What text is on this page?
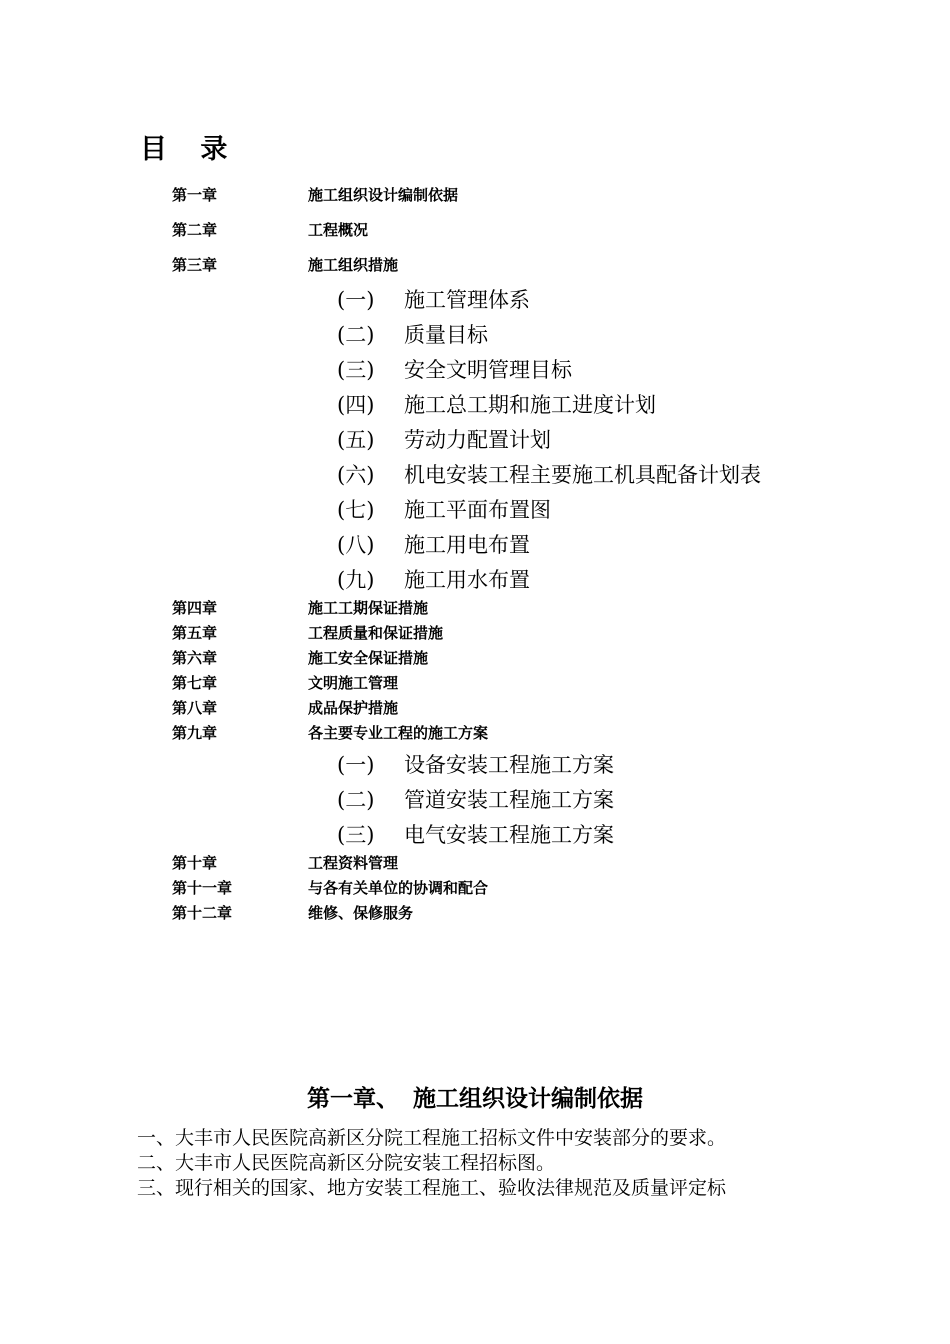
目 录
第一章	施工组织设计编制依据
第二章	工程概况
第三章	施工组织措施
(一) 施工管理体系
(二) 质量目标
(三) 安全文明管理目标
(四) 施工总工期和施工进度计划
(五) 劳动力配置计划
(六) 机电安装工程主要施工机具配备计划表
(七) 施工平面布置图
(八) 施工用电布置
(九) 施工用水布置
第四章	施工工期保证措施
第五章	工程质量和保证措施
第六章	施工安全保证措施
第七章	文明施工管理
第八章	成品保护措施
第九章	各主要专业工程的施工方案
(一) 设备安装工程施工方案
(二) 管道安装工程施工方案
(三) 电气安装工程施工方案
第十章	工程资料管理
第十一章	与各有关单位的协调和配合
第十二章	维修、保修服务
第一章、 施工组织设计编制依据
一、大丰市人民医院高新区分院工程施工招标文件中安装部分的要求。
二、大丰市人民医院高新区分院安装工程招标图。
三、现行相关的国家、地方安装工程施工、验收法律规范及质量评定标
